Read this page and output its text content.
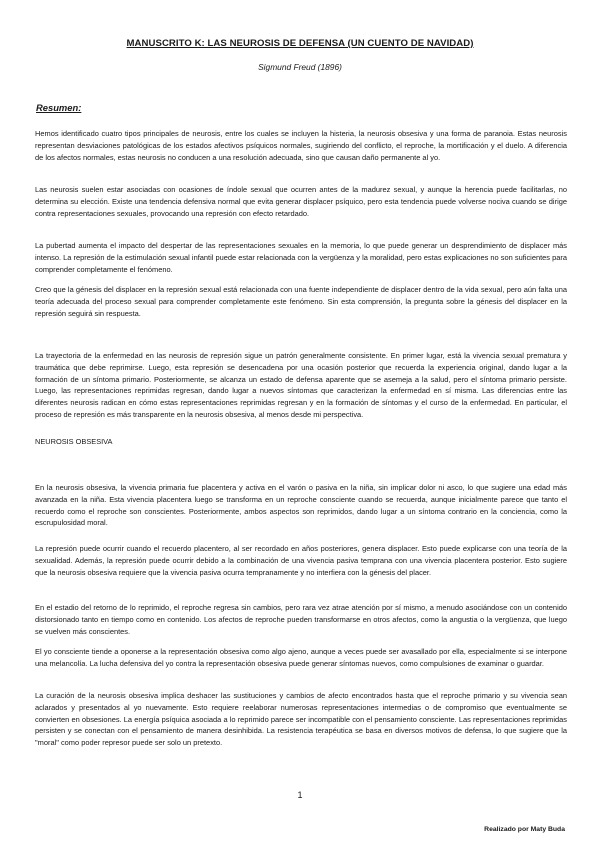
MANUSCRITO K: LAS NEUROSIS DE DEFENSA (UN CUENTO DE NAVIDAD)
Sigmund Freud (1896)
Resumen:

Hemos identificado cuatro tipos principales de neurosis, entre los cuales se incluyen la histeria, la neurosis obsesiva y una forma de paranoia. Estas neurosis representan desviaciones patológicas de los estados afectivos psíquicos normales, sugiriendo del conflicto, el reproche, la mortificación y el duelo. A diferencia de los afectos normales, estas neurosis no conducen a una resolución adecuada, sino que causan daño permanente al yo.

Las neurosis suelen estar asociadas con ocasiones de índole sexual que ocurren antes de la madurez sexual, y aunque la herencia puede facilitarlas, no determina su elección. Existe una tendencia defensiva normal que evita generar displacer psíquico, pero esta tendencia puede volverse nociva cuando se dirige contra representaciones sexuales, provocando una represión con efecto retardado.

La pubertad aumenta el impacto del despertar de las representaciones sexuales en la memoria, lo que puede generar un desprendimiento de displacer más intenso. La represión de la estimulación sexual infantil puede estar relacionada con la vergüenza y la moralidad, pero estas explicaciones no son suficientes para comprender completamente el fenómeno.

Creo que la génesis del displacer en la represión sexual está relacionada con una fuente independiente de displacer dentro de la vida sexual, pero aún falta una teoría adecuada del proceso sexual para comprender completamente este fenómeno. Sin esta comprensión, la pregunta sobre la génesis del displacer en la represión seguirá sin respuesta.

La trayectoria de la enfermedad en las neurosis de represión sigue un patrón generalmente consistente. En primer lugar, está la vivencia sexual prematura y traumática que debe reprimirse. Luego, esta represión se desencadena por una ocasión posterior que recuerda la experiencia original, dando lugar a la formación de un síntoma primario. Posteriormente, se alcanza un estado de defensa aparente que se asemeja a la salud, pero el síntoma primario persiste. Luego, las representaciones reprimidas regresan, dando lugar a nuevos síntomas que caracterizan la enfermedad en sí misma. Las diferencias entre las diferentes neurosis radican en cómo estas representaciones reprimidas regresan y en la formación de síntomas y el curso de la enfermedad. En particular, el proceso de represión es más transparente en la neurosis obsesiva, al menos desde mi perspectiva.

NEUROSIS OBSESIVA

En la neurosis obsesiva, la vivencia primaria fue placentera y activa en el varón o pasiva en la niña, sin implicar dolor ni asco, lo que sugiere una edad más avanzada en la niña. Esta vivencia placentera luego se transforma en un reproche consciente cuando se recuerda, aunque inicialmente parece que tanto el recuerdo como el reproche son conscientes. Posteriormente, ambos aspectos son reprimidos, dando lugar a un síntoma contrario en la conciencia, como la escrupulosidad moral.

La represión puede ocurrir cuando el recuerdo placentero, al ser recordado en años posteriores, genera displacer. Esto puede explicarse con una teoría de la sexualidad. Además, la represión puede ocurrir debido a la combinación de una vivencia pasiva temprana con una vivencia placentera posterior. Esto sugiere que la neurosis obsesiva requiere que la vivencia pasiva ocurra tempranamente y no interfiera con la génesis del placer.

En el estadio del retorno de lo reprimido, el reproche regresa sin cambios, pero rara vez atrae atención por sí mismo, a menudo asociándose con un contenido distorsionado tanto en tiempo como en contenido. Los afectos de reproche pueden transformarse en otros afectos, como la angustia o la vergüenza, que luego se vuelven más conscientes.

El yo consciente tiende a oponerse a la representación obsesiva como algo ajeno, aunque a veces puede ser avasallado por ella, especialmente si se interpone una melancolía. La lucha defensiva del yo contra la representación obsesiva puede generar síntomas nuevos, como compulsiones de examinar o guardar.

La curación de la neurosis obsesiva implica deshacer las sustituciones y cambios de afecto encontrados hasta que el reproche primario y su vivencia sean aclarados y presentados al yo nuevamente. Esto requiere reelaborar numerosas representaciones intermedias o de compromiso que eventualmente se convierten en obsesiones. La energía psíquica asociada a lo reprimido parece ser incompatible con el pensamiento consciente. Las representaciones reprimidas persisten y se conectan con el pensamiento de manera desinhibida. La resistencia terapéutica se basa en diversos motivos de defensa, lo que sugiere que la "moral" como poder represor puede ser solo un pretexto.

1
Realizado por Maty Buda
